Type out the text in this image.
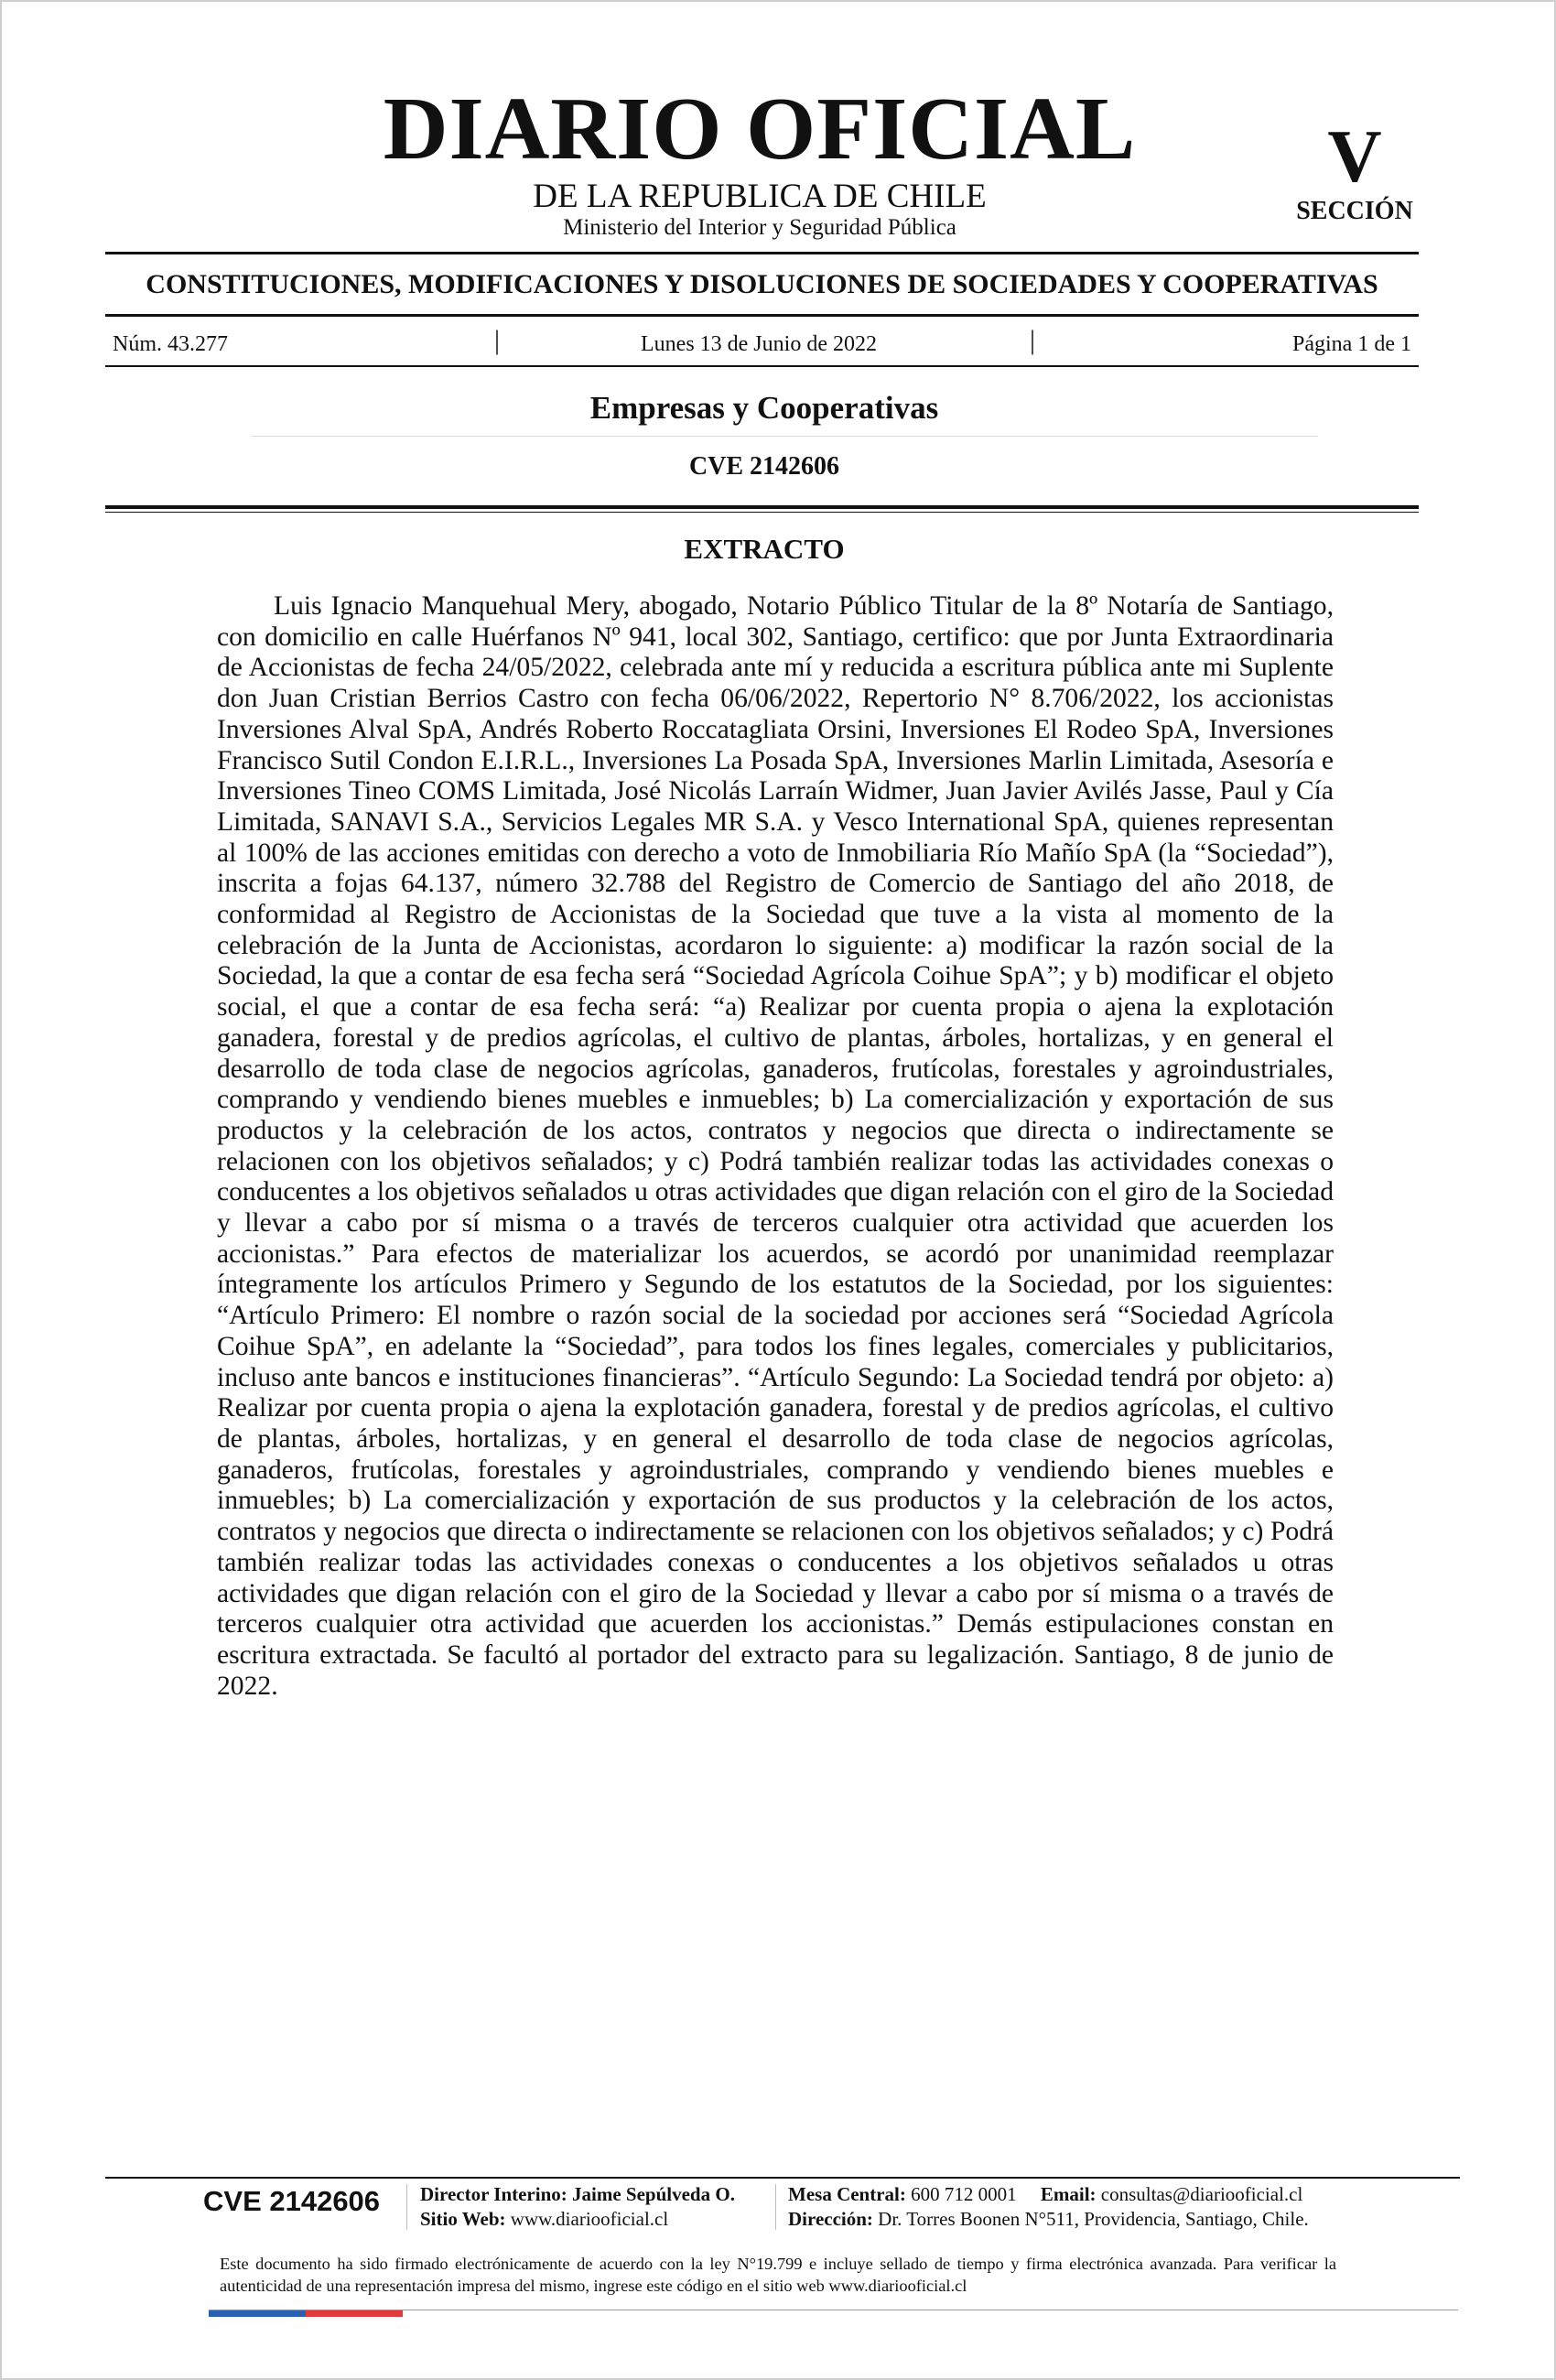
DIARIO OFICIAL
DE LA REPUBLICA DE CHILE
Ministerio del Interior y Seguridad Pública
V
SECCIÓN
CONSTITUCIONES, MODIFICACIONES Y DISOLUCIONES DE SOCIEDADES Y COOPERATIVAS
Núm. 43.277	|	Lunes 13 de Junio de 2022	|	Página 1 de 1
Empresas y Cooperativas
CVE 2142606
EXTRACTO

Luis Ignacio Manquehual Mery, abogado, Notario Público Titular de la 8º Notaría de Santiago, con domicilio en calle Huérfanos Nº 941, local 302, Santiago, certifico: que por Junta Extraordinaria de Accionistas de fecha 24/05/2022, celebrada ante mí y reducida a escritura pública ante mi Suplente don Juan Cristian Berrios Castro con fecha 06/06/2022, Repertorio N° 8.706/2022, los accionistas Inversiones Alval SpA, Andrés Roberto Roccatagliata Orsini, Inversiones El Rodeo SpA, Inversiones Francisco Sutil Condon E.I.R.L., Inversiones La Posada SpA, Inversiones Marlin Limitada, Asesoría e Inversiones Tineo COMS Limitada, José Nicolás Larraín Widmer, Juan Javier Avilés Jasse, Paul y Cía Limitada, SANAVI S.A., Servicios Legales MR S.A. y Vesco International SpA, quienes representan al 100% de las acciones emitidas con derecho a voto de Inmobiliaria Río Mañío SpA (la “Sociedad”), inscrita a fojas 64.137, número 32.788 del Registro de Comercio de Santiago del año 2018, de conformidad al Registro de Accionistas de la Sociedad que tuve a la vista al momento de la celebración de la Junta de Accionistas, acordaron lo siguiente: a) modificar la razón social de la Sociedad, la que a contar de esa fecha será “Sociedad Agrícola Coihue SpA”; y b) modificar el objeto social, el que a contar de esa fecha será: “a) Realizar por cuenta propia o ajena la explotación ganadera, forestal y de predios agrícolas, el cultivo de plantas, árboles, hortalizas, y en general el desarrollo de toda clase de negocios agrícolas, ganaderos, frutícolas, forestales y agroindustriales, comprando y vendiendo bienes muebles e inmuebles; b) La comercialización y exportación de sus productos y la celebración de los actos, contratos y negocios que directa o indirectamente se relacionen con los objetivos señalados; y c) Podrá también realizar todas las actividades conexas o conducentes a los objetivos señalados u otras actividades que digan relación con el giro de la Sociedad y llevar a cabo por sí misma o a través de terceros cualquier otra actividad que acuerden los accionistas.” Para efectos de materializar los acuerdos, se acordó por unanimidad reemplazar íntegramente los artículos Primero y Segundo de los estatutos de la Sociedad, por los siguientes: “Artículo Primero: El nombre o razón social de la sociedad por acciones será “Sociedad Agrícola Coihue SpA”, en adelante la “Sociedad”, para todos los fines legales, comerciales y publicitarios, incluso ante bancos e instituciones financieras”. “Artículo Segundo: La Sociedad tendrá por objeto: a) Realizar por cuenta propia o ajena la explotación ganadera, forestal y de predios agrícolas, el cultivo de plantas, árboles, hortalizas, y en general el desarrollo de toda clase de negocios agrícolas, ganaderos, frutícolas, forestales y agroindustriales, comprando y vendiendo bienes muebles e inmuebles; b) La comercialización y exportación de sus productos y la celebración de los actos, contratos y negocios que directa o indirectamente se relacionen con los objetivos señalados; y c) Podrá también realizar todas las actividades conexas o conducentes a los objetivos señalados u otras actividades que digan relación con el giro de la Sociedad y llevar a cabo por sí misma o a través de terceros cualquier otra actividad que acuerden los accionistas.” Demás estipulaciones constan en escritura extractada. Se facultó al portador del extracto para su legalización. Santiago, 8 de junio de 2022.

CVE 2142606	Director Interino: Jaime Sepúlveda O.
Sitio Web: www.diariooficial.cl
Mesa Central: 600 712 0001 Email: consultas@diariooficial.cl
Dirección: Dr. Torres Boonen N°511, Providencia, Santiago, Chile.
Este documento ha sido firmado electrónicamente de acuerdo con la ley N°19.799 e incluye sellado de tiempo y firma electrónica avanzada. Para verificar la autenticidad de una representación impresa del mismo, ingrese este código en el sitio web www.diariooficial.cl
